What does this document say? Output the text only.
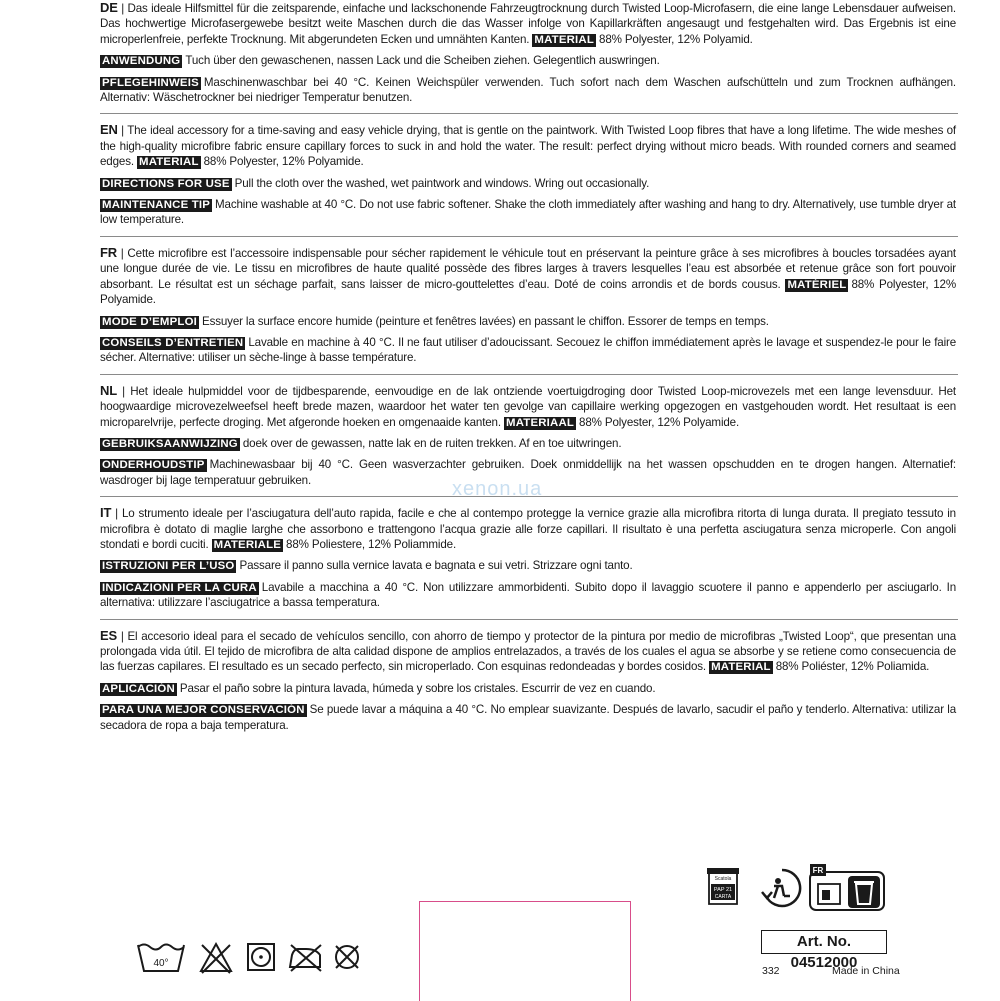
DE | Das ideale Hilfsmittel für die zeitsparende, einfache und lackschonende Fahrzeugtrocknung durch Twisted Loop-Microfasern, die eine lange Lebensdauer aufweisen. Das hochwertige Microfasergewebe besitzt weite Maschen durch die das Wasser infolge von Kapillarkräften angesaugt und festgehalten wird. Das Ergebnis ist eine microperlenfreie, perfekte Trocknung. Mit abgerundeten Ecken und umnähten Kanten. MATERIAL 88% Polyester, 12% Polyamid.

ANWENDUNG Tuch über den gewaschenen, nassen Lack und die Scheiben ziehen. Gelegentlich auswringen.

PFLEGEHINWEIS Maschinenwaschbar bei 40 °C. Keinen Weichspüler verwenden. Tuch sofort nach dem Waschen aufschütteln und zum Trocknen aufhängen. Alternativ: Wäschetrockner bei niedriger Temperatur benutzen.

EN | The ideal accessory for a time-saving and easy vehicle drying, that is gentle on the paintwork. With Twisted Loop fibres that have a long lifetime. The wide meshes of the high-quality microfibre fabric ensure capillary forces to suck in and hold the water. The result: perfect drying without micro beads. With rounded corners and seamed edges. MATERIAL 88% Polyester, 12% Polyamide.

DIRECTIONS FOR USE Pull the cloth over the washed, wet paintwork and windows. Wring out occasionally.

MAINTENANCE TIP Machine washable at 40 °C. Do not use fabric softener. Shake the cloth immediately after washing and hang to dry. Alternatively, use tumble dryer at low temperature.

FR | Cette microfibre est l’accessoire indispensable pour sécher rapidement le véhicule tout en préservant la peinture grâce à ses microfibres à boucles torsadées ayant une longue durée de vie. Le tissu en microfibres de haute qualité possède des fibres larges à travers lesquelles l’eau est absorbée et retenue grâce son fort pouvoir absorbant. Le résultat est un séchage parfait, sans laisser de micro-gouttelettes d’eau. Doté de coins arrondis et de bords cousus. MATÉRIEL 88% Polyester, 12% Polyamide.

MODE D’EMPLOI Essuyer la surface encore humide (peinture et fenêtres lavées) en passant le chiffon. Essorer de temps en temps.

CONSEILS D’ENTRETIEN Lavable en machine à 40 °C. Il ne faut utiliser d’adoucissant. Secouez le chiffon immédiatement après le lavage et suspendez-le pour le faire sécher. Alternative: utiliser un sèche-linge à basse température.

NL | Het ideale hulpmiddel voor de tijdbesparende, eenvoudige en de lak ontziende voertuigdroging door Twisted Loop-microvezels met een lange levensduur. Het hoogwaardige microvezelweefsel heeft brede mazen, waardoor het water ten gevolge van capillaire werking opgezogen en vastgehouden wordt. Het resultaat is een microparelvrije, perfecte droging. Met afgeronde hoeken en omgenaaide kanten. MATERIAAL 88% Polyester, 12% Polyamide.

GEBRUIKSAANWIJZING doek over de gewassen, natte lak en de ruiten trekken. Af en toe uitwringen.

ONDERHOUDSTIP Machinewasbaar bij 40 °C. Geen wasverzachter gebruiken. Doek onmiddellijk na het wassen opschudden en te drogen hangen. Alternatief: wasdroger bij lage temperatuur gebruiken.

IT | Lo strumento ideale per l’asciugatura dell’auto rapida, facile e che al contempo protegge la vernice grazie alla microfibra ritorta di lunga durata. Il pregiato tessuto in microfibra è dotato di maglie larghe che assorbono e trattengono l’acqua grazie alle forze capillari. Il risultato è una perfetta asciugatura senza microperle. Con angoli stondati e bordi cuciti. MATERIALE 88% Poliestere, 12% Poliammide.

ISTRUZIONI PER L’USO Passare il panno sulla vernice lavata e bagnata e sui vetri. Strizzare ogni tanto.

INDICAZIONI PER LA CURA Lavabile a macchina a 40 °C. Non utilizzare ammorbidenti. Subito dopo il lavaggio scuotere il panno e appenderlo per asciugarlo. In alternativa: utilizzare l’asciugatrice a bassa temperatura.

ES | El accesorio ideal para el secado de vehículos sencillo, con ahorro de tiempo y protector de la pintura por medio de microfibras „Twisted Loop“, que presentan una prolongada vida útil. El tejido de microfibra de alta calidad dispone de amplios entrelazados, a través de los cuales el agua se absorbe y se retiene como consecuencia de las fuerzas capilares. El resultado es un secado perfecto, sin microperlado. Con esquinas redondeadas y bordes cosidos. MATERIAL 88% Poliéster, 12% Poliamida.

APLICACIÓN Pasar el paño sobre la pintura lavada, húmeda y sobre los cristales. Escurrir de vez en cuando.

PARA UNA MEJOR CONSERVACIÓN Se puede lavar a máquina a 40 °C. No emplear suavizante. Después de lavarlo, sacudir el paño y tenderlo. Alternativa: utilizar la secadora de ropa a baja temperatura.

xenon.ua
40°
Scatola
PAP 21
CARTA
FR
Art. No. 04512000
332	Made in China
